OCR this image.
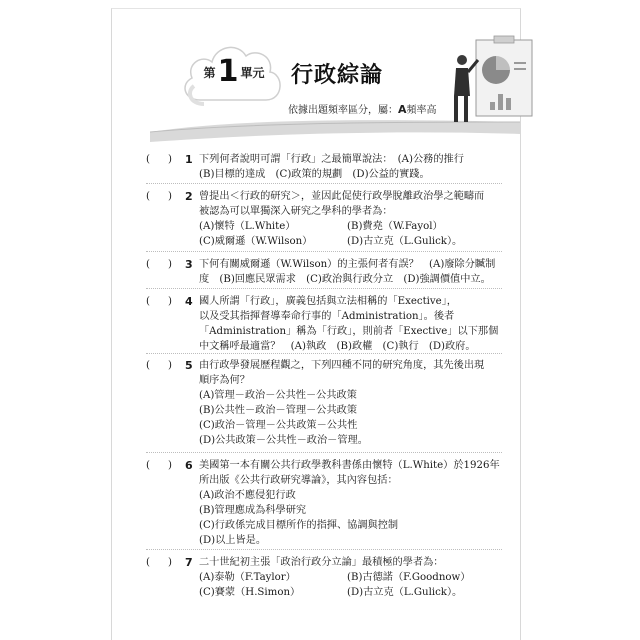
第 1 單元 行政綜論
依據出題頻率區分，屬：A頻率高
( ) 1 下列何者說明可謂「行政」之最簡單說法：　(A)公務的推行
(B)目標的達成　(C)政策的規劃　(D)公益的實踐。
( ) 2 曾提出＜行政的研究＞，並因此促使行政學脫離政治學之範疇而
被認為可以單獨深入研究之學科的學者為：
(A)懷特（L.White）	(B)費堯（W.Fayol）
(C)威爾遜（W.Wilson）	(D)古立克（L.Gulick）。
( ) 3 下何有關威爾遜（W.Wilson）的主張何者有誤？　(A)廢除分贓制
度　(B)回應民眾需求　(C)政治與行政分立　(D)強調價值中立。
( ) 4 國人所謂「行政」，廣義包括與立法相稱的「Exective」，
以及受其指揮督導奉命行事的「Administration」。後者
「Administration」稱為「行政」，則前者「Exective」以下那個
中文稱呼最適當？　(A)執政　(B)政權　(C)執行　(D)政府。
( ) 5 由行政學發展歷程觀之，下列四種不同的研究角度，其先後出現
順序為何？
(A)管理－政治－公共性－公共政策
(B)公共性－政治－管理－公共政策
(C)政治－管理－公共政策－公共性
(D)公共政策－公共性－政治－管理。
( ) 6 美國第一本有關公共行政學教科書係由懷特（L.White）於1926年
所出版《公共行政研究導論》，其內容包括：
(A)政治不應侵犯行政
(B)管理應成為科學研究
(C)行政係完成目標所作的指揮、協調與控制
(D)以上皆是。
( ) 7 二十世紀初主張「政治行政分立論」最積極的學者為：
(A)泰勒（F.Taylor）	(B)古德諾（F.Goodnow）
(C)賽蒙（H.Simon）	(D)古立克（L.Gulick）。
